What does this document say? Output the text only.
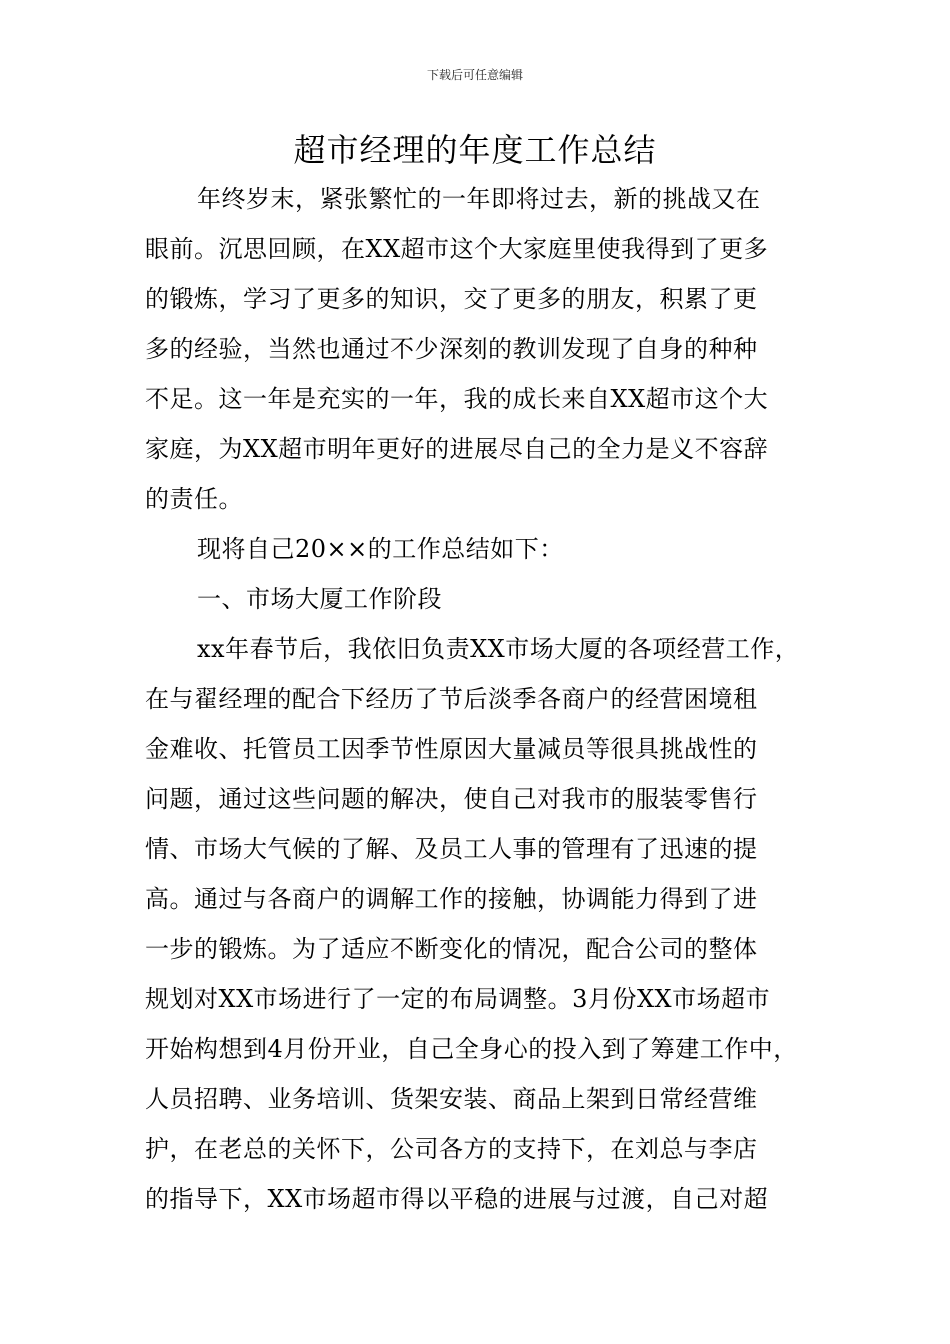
下载后可任意编辑
超市经理的年度工作总结
年终岁末，紧张繁忙的一年即将过去，新的挑战又在
眼前。沉思回顾，在XX超市这个大家庭里使我得到了更多
的锻炼，学习了更多的知识，交了更多的朋友，积累了更
多的经验，当然也通过不少深刻的教训发现了自身的种种
不足。这一年是充实的一年，我的成长来自XX超市这个大
家庭，为XX超市明年更好的进展尽自己的全力是义不容辞
的责任。
现将自己20××的工作总结如下：
一、市场大厦工作阶段
xx年春节后，我依旧负责XX市场大厦的各项经营工作，
在与翟经理的配合下经历了节后淡季各商户的经营困境租
金难收、托管员工因季节性原因大量减员等很具挑战性的
问题，通过这些问题的解决，使自己对我市的服装零售行
情、市场大气候的了解、及员工人事的管理有了迅速的提
高。通过与各商户的调解工作的接触，协调能力得到了进
一步的锻炼。为了适应不断变化的情况，配合公司的整体
规划对XX市场进行了一定的布局调整。3月份XX市场超市
开始构想到4月份开业，自己全身心的投入到了筹建工作中，
人员招聘、业务培训、货架安装、商品上架到日常经营维
护，在老总的关怀下，公司各方的支持下，在刘总与李店
的指导下，XX市场超市得以平稳的进展与过渡，自己对超
